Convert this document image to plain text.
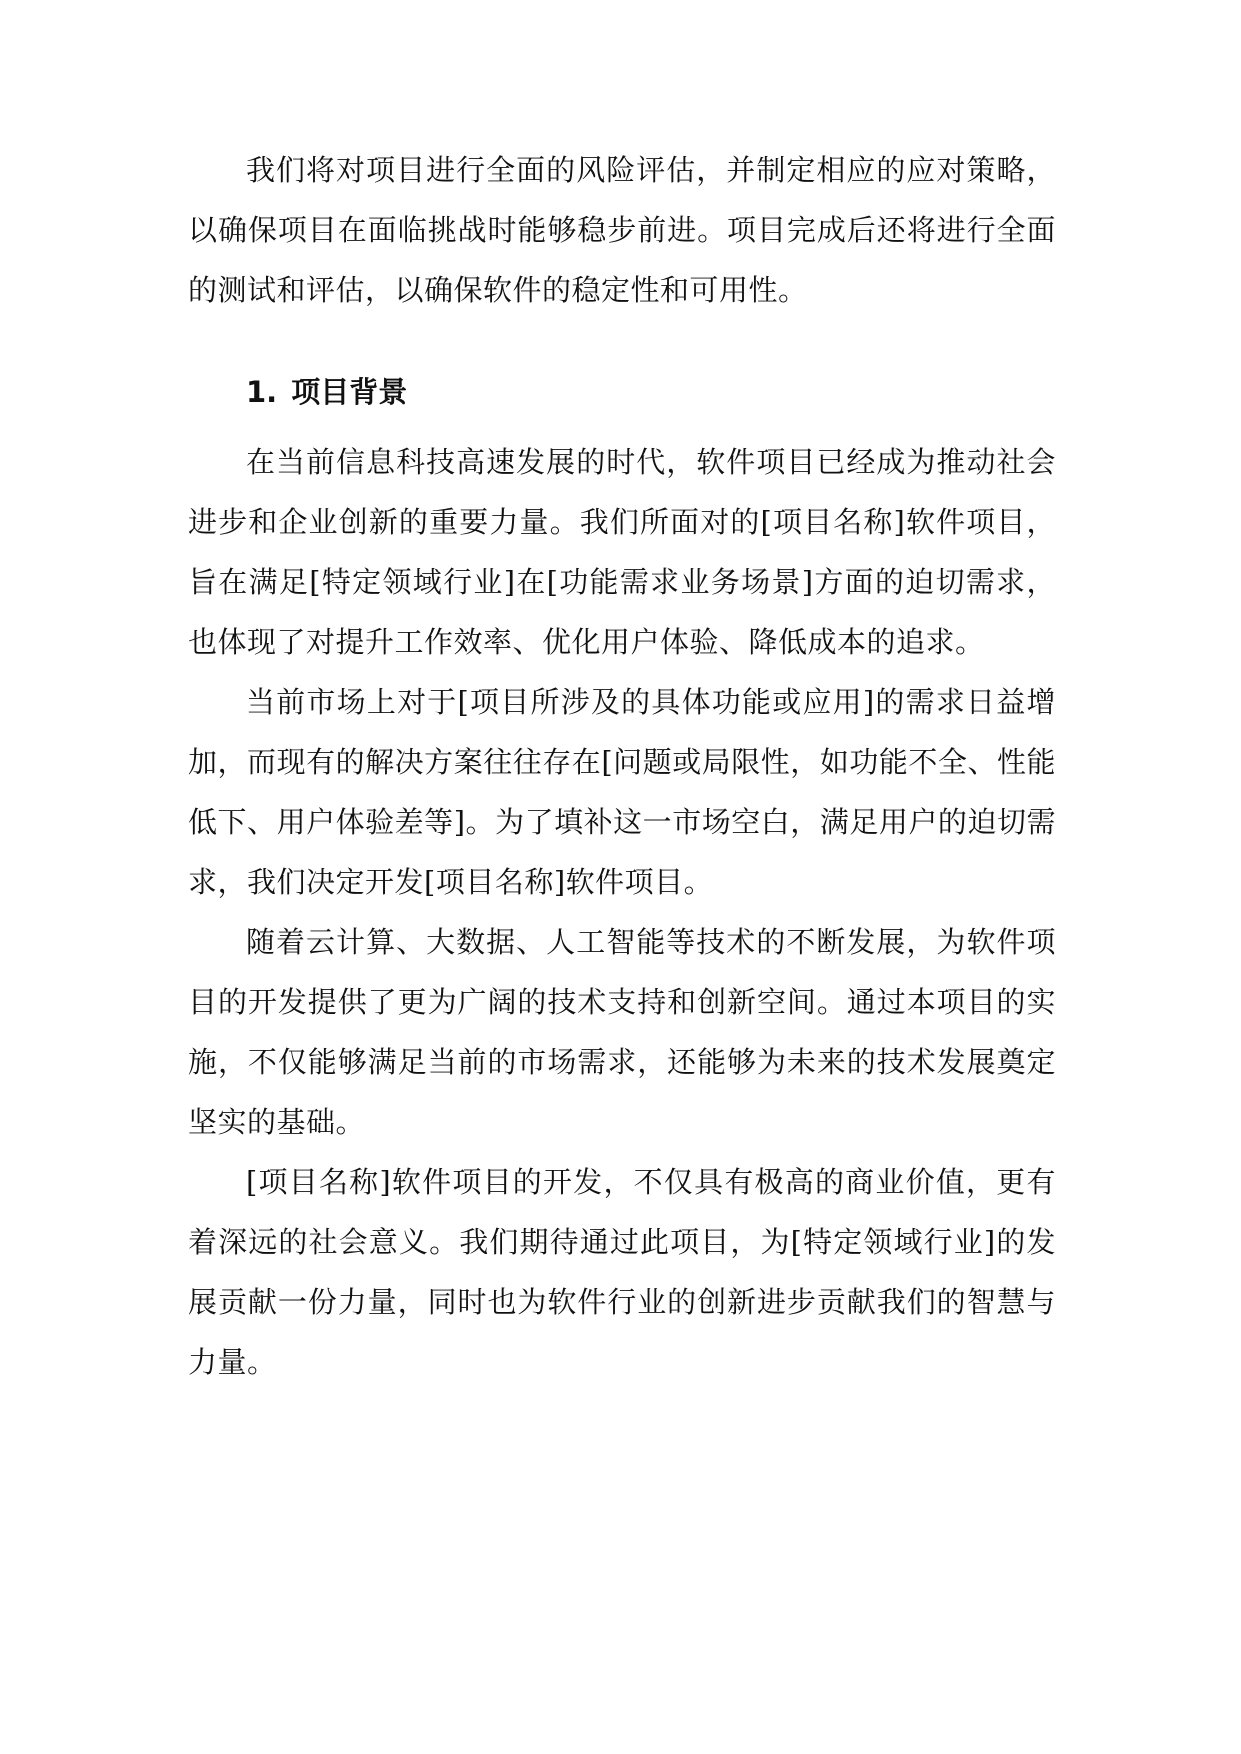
我们将对项目进行全面的风险评估，并制定相应的应对策略，以确保项目在面临挑战时能够稳步前进。项目完成后还将进行全面的测试和评估，以确保软件的稳定性和可用性。

1. 项目背景

在当前信息科技高速发展的时代，软件项目已经成为推动社会进步和企业创新的重要力量。我们所面对的[项目名称]软件项目，旨在满足[特定领域行业]在[功能需求业务场景]方面的迫切需求，也体现了对提升工作效率、优化用户体验、降低成本的追求。

当前市场上对于[项目所涉及的具体功能或应用]的需求日益增加，而现有的解决方案往往存在[问题或局限性，如功能不全、性能低下、用户体验差等]。为了填补这一市场空白，满足用户的迫切需求，我们决定开发[项目名称]软件项目。

随着云计算、大数据、人工智能等技术的不断发展，为软件项目的开发提供了更为广阔的技术支持和创新空间。通过本项目的实施，不仅能够满足当前的市场需求，还能够为未来的技术发展奠定坚实的基础。

[项目名称]软件项目的开发，不仅具有极高的商业价值，更有着深远的社会意义。我们期待通过此项目，为[特定领域行业]的发展贡献一份力量，同时也为软件行业的创新进步贡献我们的智慧与力量。
